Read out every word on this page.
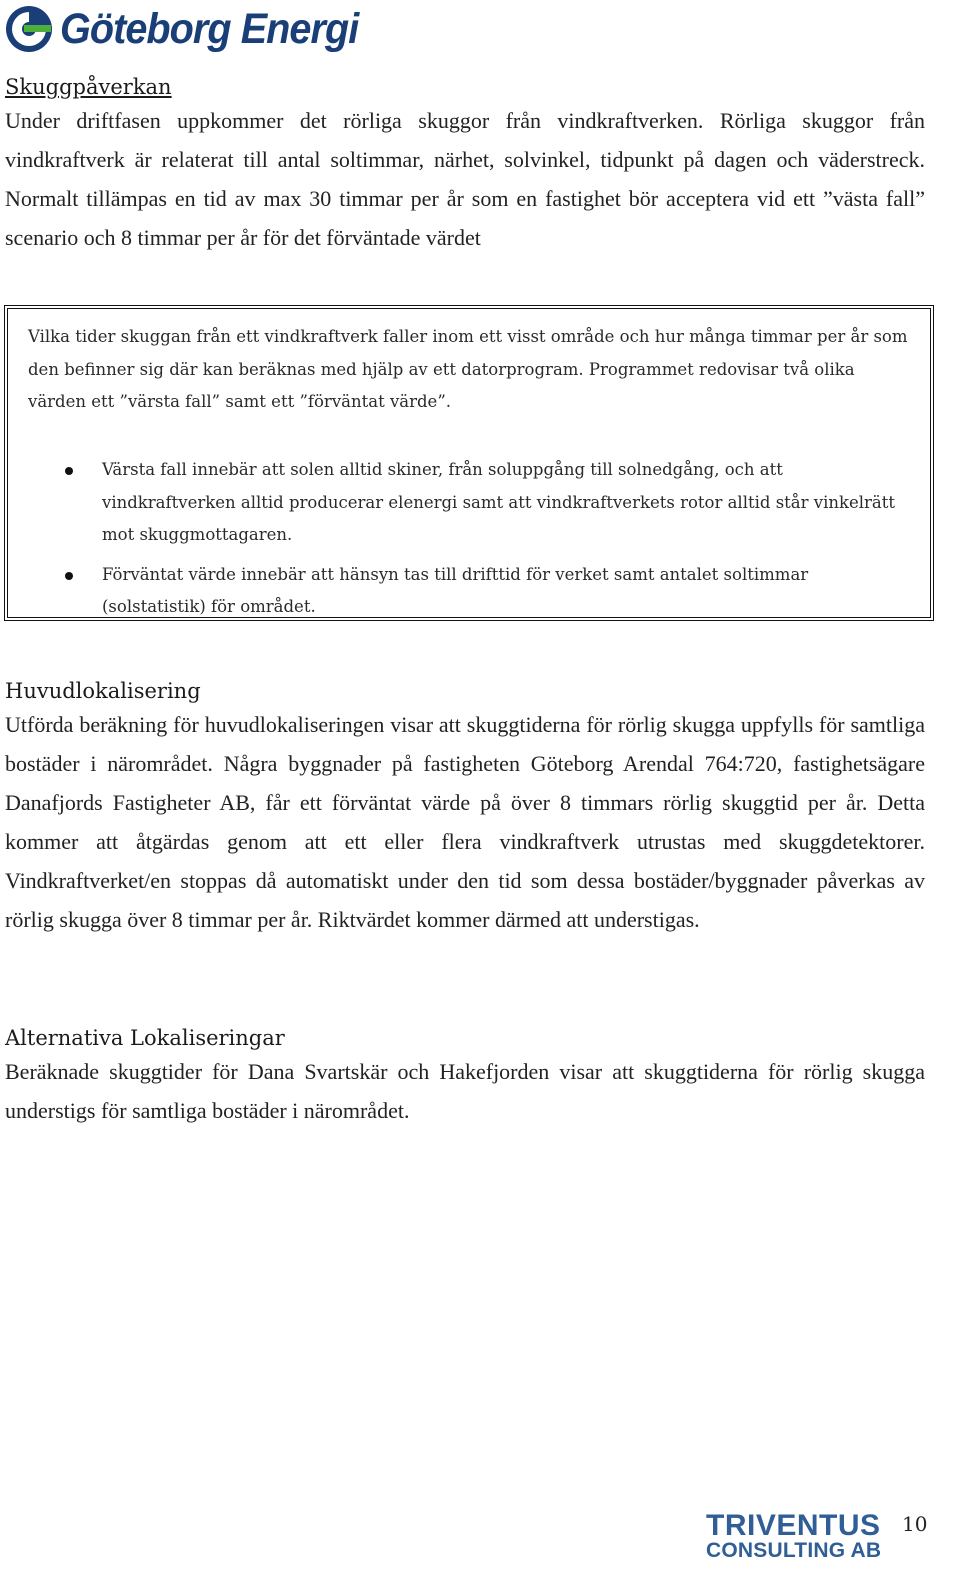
Göteborg Energi
Skuggpåverkan

Under driftfasen uppkommer det rörliga skuggor från vindkraftverken. Rörliga skuggor från vindkraftverk är relaterat till antal soltimmar, närhet, solvinkel, tidpunkt på dagen och väderstreck. Normalt tillämpas en tid av max 30 timmar per år som en fastighet bör acceptera vid ett ”västa fall” scenario och 8 timmar per år för det förväntade värdet

Vilka tider skuggan från ett vindkraftverk faller inom ett visst område och hur många timmar per år som den befinner sig där kan beräknas med hjälp av ett datorprogram. Programmet redovisar två olika värden ett ”värsta fall” samt ett ”förväntat värde”.
Värsta fall innebär att solen alltid skiner, från soluppgång till solnedgång, och att vindkraftverken alltid producerar elenergi samt att vindkraftverkets rotor alltid står vinkelrätt mot skuggmottagaren.
Förväntat värde innebär att hänsyn tas till drifttid för verket samt antalet soltimmar (solstatistik) för området.
Huvudlokalisering

Utförda beräkning för huvudlokaliseringen visar att skuggtiderna för rörlig skugga uppfylls för samtliga bostäder i närområdet. Några byggnader på fastigheten Göteborg Arendal 764:720, fastighetsägare Danafjords Fastigheter AB, får ett förväntat värde på över 8 timmars rörlig skuggtid per år. Detta kommer att åtgärdas genom att ett eller flera vindkraftverk utrustas med skuggdetektorer. Vindkraftverket/en stoppas då automatiskt under den tid som dessa bostäder/byggnader påverkas av rörlig skugga över 8 timmar per år. Riktvärdet kommer därmed att understigas.

Alternativa Lokaliseringar

Beräknade skuggtider för Dana Svartskär och Hakefjorden visar att skuggtiderna för rörlig skugga understigs för samtliga bostäder i närområdet.

TRIVENTUS
CONSULTING AB
10
